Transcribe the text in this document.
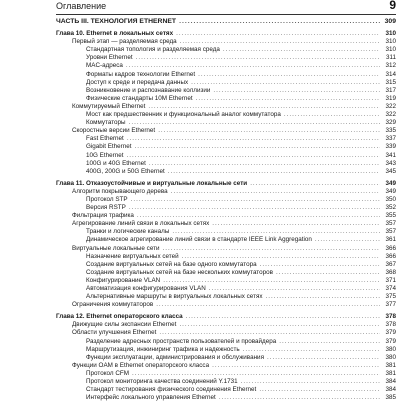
Оглавление	9
ЧАСТЬ III. ТЕХНОЛОГИЯ ETHERNET .....	309
Глава 10. Ethernet в локальных сетях .....	310
Первый этап — разделяемая среда .....	310
Стандартная топология и разделяемая среда .....	310
Уровни Ethernet .....	311
MAC-адреса .....	312
Форматы кадров технологии Ethernet .....	314
Доступ к среде и передача данных .....	315
Возникновение и распознавание коллизии .....	317
Физические стандарты 10M Ethernet .....	319
Коммутируемый Ethernet .....	322
Мост как предшественник и функциональный аналог коммутатора .....	322
Коммутаторы .....	329
Скоростные версии Ethernet .....	335
Fast Ethernet .....	337
Gigabit Ethernet .....	339
10G Ethernet .....	341
100G и 40G Ethernet .....	343
400G, 200G и 50G Ethernet .....	345
Глава 11. Отказоустойчивые и виртуальные локальные сети .....	349
Алгоритм покрывающего дерева .....	349
Протокол STP .....	350
Версия RSTP .....	352
Фильтрация трафика .....	355
Агрегирование линий связи в локальных сетях .....	357
Транки и логические каналы .....	357
Динамическое агрегирование линий связи в стандарте IEEE Link Aggregation .....	361
Виртуальные локальные сети .....	366
Назначение виртуальных сетей .....	366
Создание виртуальных сетей на базе одного коммутатора .....	367
Создание виртуальных сетей на базе нескольких коммутаторов .....	368
Конфигурирование VLAN .....	371
Автоматизация конфигурирования VLAN .....	374
Альтернативные маршруты в виртуальных локальных сетях .....	375
Ограничения коммутаторов .....	377
Глава 12. Ethernet операторского класса .....	378
Движущие силы экспансии Ethernet .....	378
Области улучшения Ethernet .....	379
Разделение адресных пространств пользователей и провайдера .....	379
Маршрутизация, инжиниринг трафика и надежность .....	380
Функции эксплуатации, администрирования и обслуживания .....	380
Функции OAM в Ethernet операторского класса .....	381
Протокол CFM .....	381
Протокол мониторинга качества соединений Y.1731 .....	384
Стандарт тестирования физического соединения Ethernet .....	384
Интерфейс локального управления Ethernet .....	385
